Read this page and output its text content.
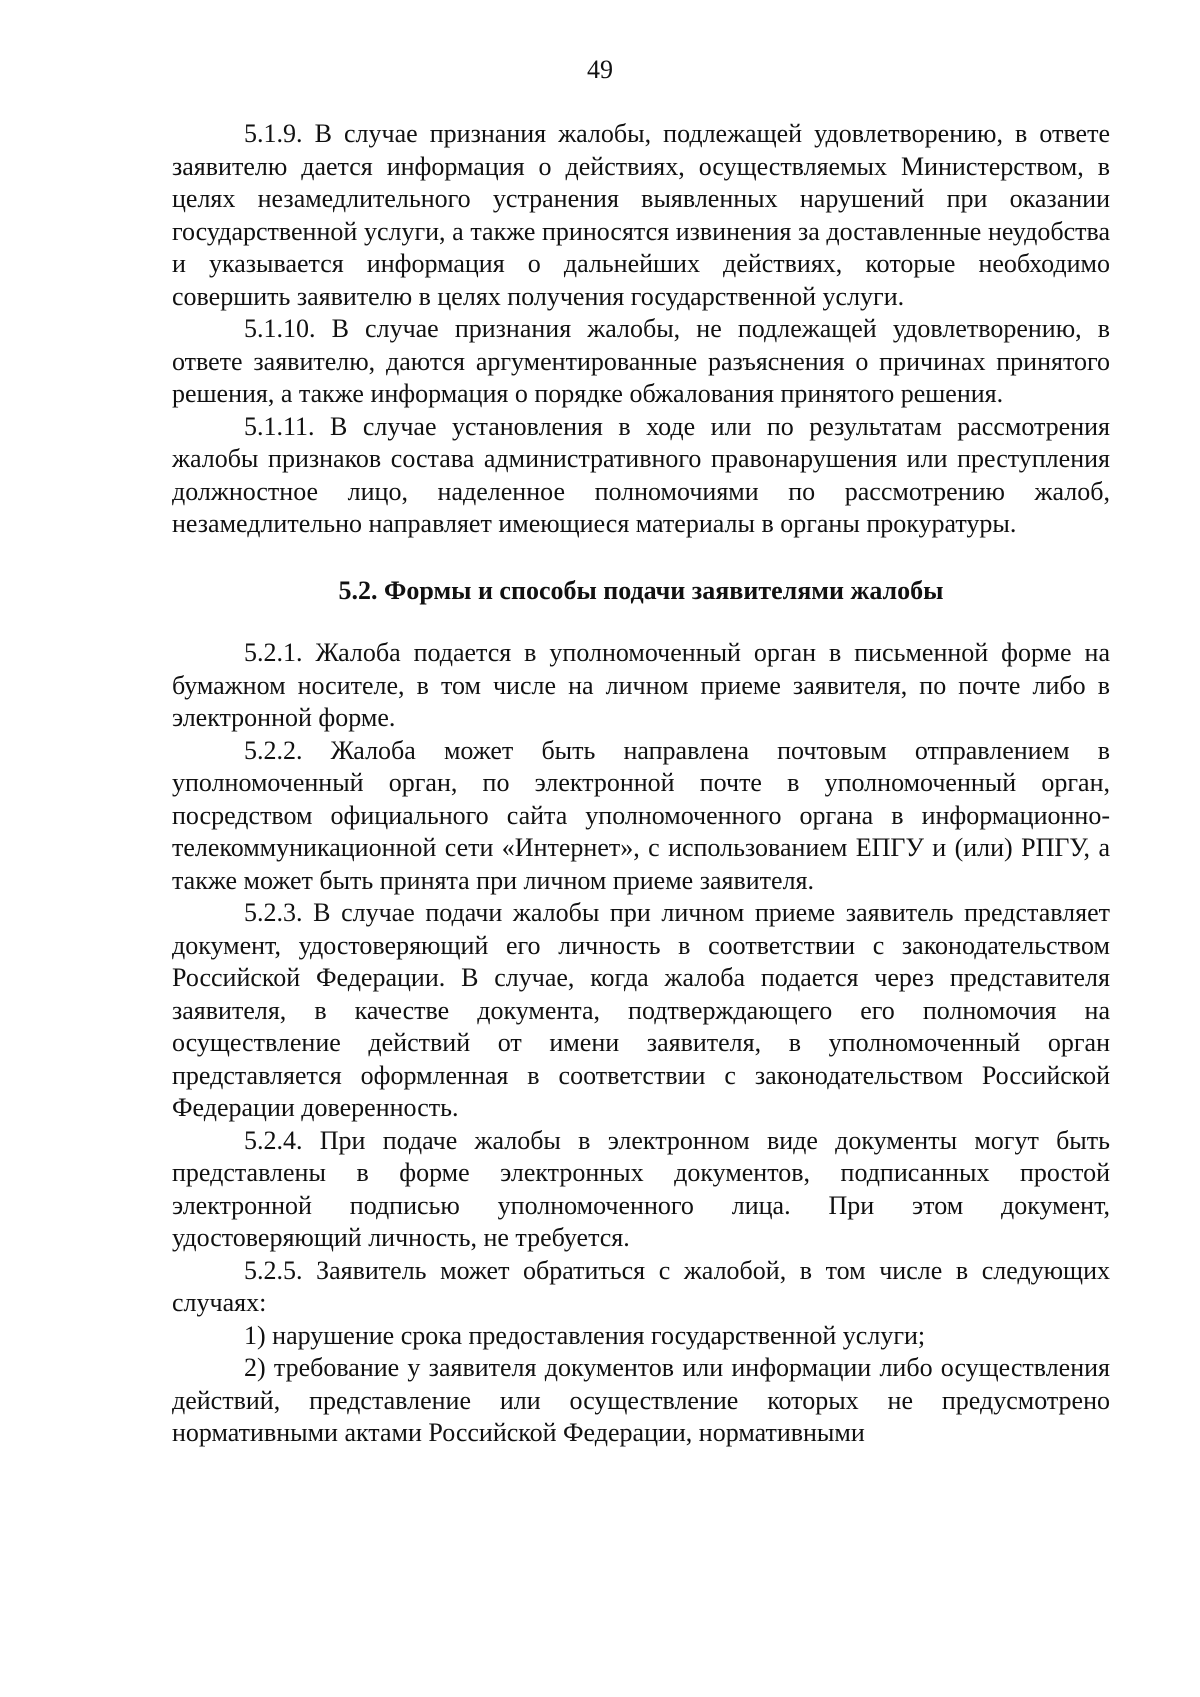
49

5.1.9. В случае признания жалобы, подлежащей удовлетворению, в ответе заявителю дается информация о действиях, осуществляемых Министерством, в целях незамедлительного устранения выявленных нарушений при оказании государственной услуги, а также приносятся извинения за доставленные неудобства и указывается информация о дальнейших действиях, которые необходимо совершить заявителю в целях получения государственной услуги.

5.1.10. В случае признания жалобы, не подлежащей удовлетворению, в ответе заявителю, даются аргументированные разъяснения о причинах принятого решения, а также информация о порядке обжалования принятого решения.

5.1.11. В случае установления в ходе или по результатам рассмотрения жалобы признаков состава административного правонарушения или преступления должностное лицо, наделенное полномочиями по рассмотрению жалоб, незамедлительно направляет имеющиеся материалы в органы прокуратуры.

5.2. Формы и способы подачи заявителями жалобы

5.2.1. Жалоба подается в уполномоченный орган в письменной форме на бумажном носителе, в том числе на личном приеме заявителя, по почте либо в электронной форме.

5.2.2. Жалоба может быть направлена почтовым отправлением в уполномоченный орган, по электронной почте в уполномоченный орган, посредством официального сайта уполномоченного органа в информационно-телекоммуникационной сети «Интернет», с использованием ЕПГУ и (или) РПГУ, а также может быть принята при личном приеме заявителя.

5.2.3. В случае подачи жалобы при личном приеме заявитель представляет документ, удостоверяющий его личность в соответствии с законодательством Российской Федерации. В случае, когда жалоба подается через представителя заявителя, в качестве документа, подтверждающего его полномочия на осуществление действий от имени заявителя, в уполномоченный орган представляется оформленная в соответствии с законодательством Российской Федерации доверенность.

5.2.4. При подаче жалобы в электронном виде документы могут быть представлены в форме электронных документов, подписанных простой электронной подписью уполномоченного лица. При этом документ, удостоверяющий личность, не требуется.

5.2.5. Заявитель может обратиться с жалобой, в том числе в следующих случаях:

1) нарушение срока предоставления государственной услуги;

2) требование у заявителя документов или информации либо осуществления действий, представление или осуществление которых не предусмотрено нормативными актами Российской Федерации, нормативными
